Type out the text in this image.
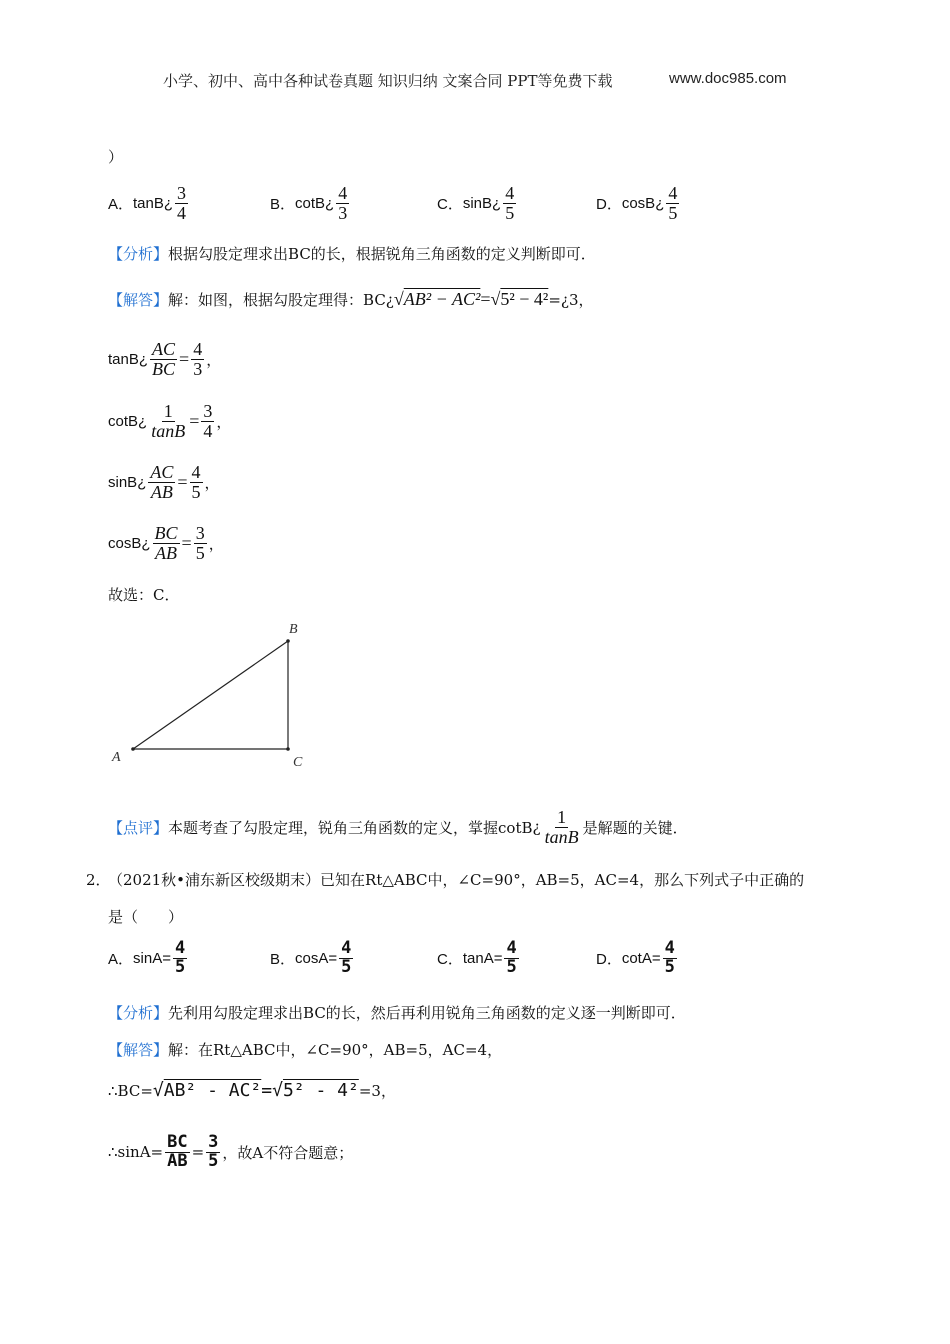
小学、初中、高中各种试卷真题 知识归纳 文案合同 PPT等免费下载	www.doc985.com
）
A． tanB ¿ $\frac{3}{4}$	B． cotB ¿ $\frac{4}{3}$	C． sinB ¿ $\frac{4}{5}$	D． cosB ¿ $\frac{4}{5}$
【分析】根据勾股定理求出BC的长，根据锐角三角函数的定义判断即可．
【解答】 解：如图，根据勾股定理得：BC ¿ √AB² − AC²=√5² − 4² =¿3，
tanB ¿ $\frac{AC}{BC} = \frac{4}{3}$ ，
cotB ¿ $\frac{1}{\tan B} = \frac{3}{4}$ ，
sinB ¿ $\frac{AC}{AB} = \frac{4}{5}$ ，
cosB ¿ $\frac{BC}{AB} = \frac{3}{5}$ ，
故选：C．
A
B
C
【点评】 本题考查了勾股定理，锐角三角函数的定义，掌握cotB ¿ $\frac{1}{\tan B}$ 是解题的关键．
2．
（2021秋•浦东新区校级期末）已知在Rt△ABC中，∠C=90°，AB=5，AC=4，那么下列式子中正确的
是（　　）
A． $\sin A= \frac{4}{5}$	B． $\cos A= \frac{4}{5}$	C． $\tan A= \frac{4}{5}$	D． $\cot A= \frac{4}{5}$
【分析】先利用勾股定理求出BC的长，然后再利用锐角三角函数的定义逐一判断即可．
【解答】解：在Rt△ABC中，∠C=90°，AB=5，AC=4，
∴BC= √AB² - AC²=√5² - 4² =3，
∴sinA= $\frac{BC}{AB} = \frac{3}{5}$ ，故A不符合题意；
